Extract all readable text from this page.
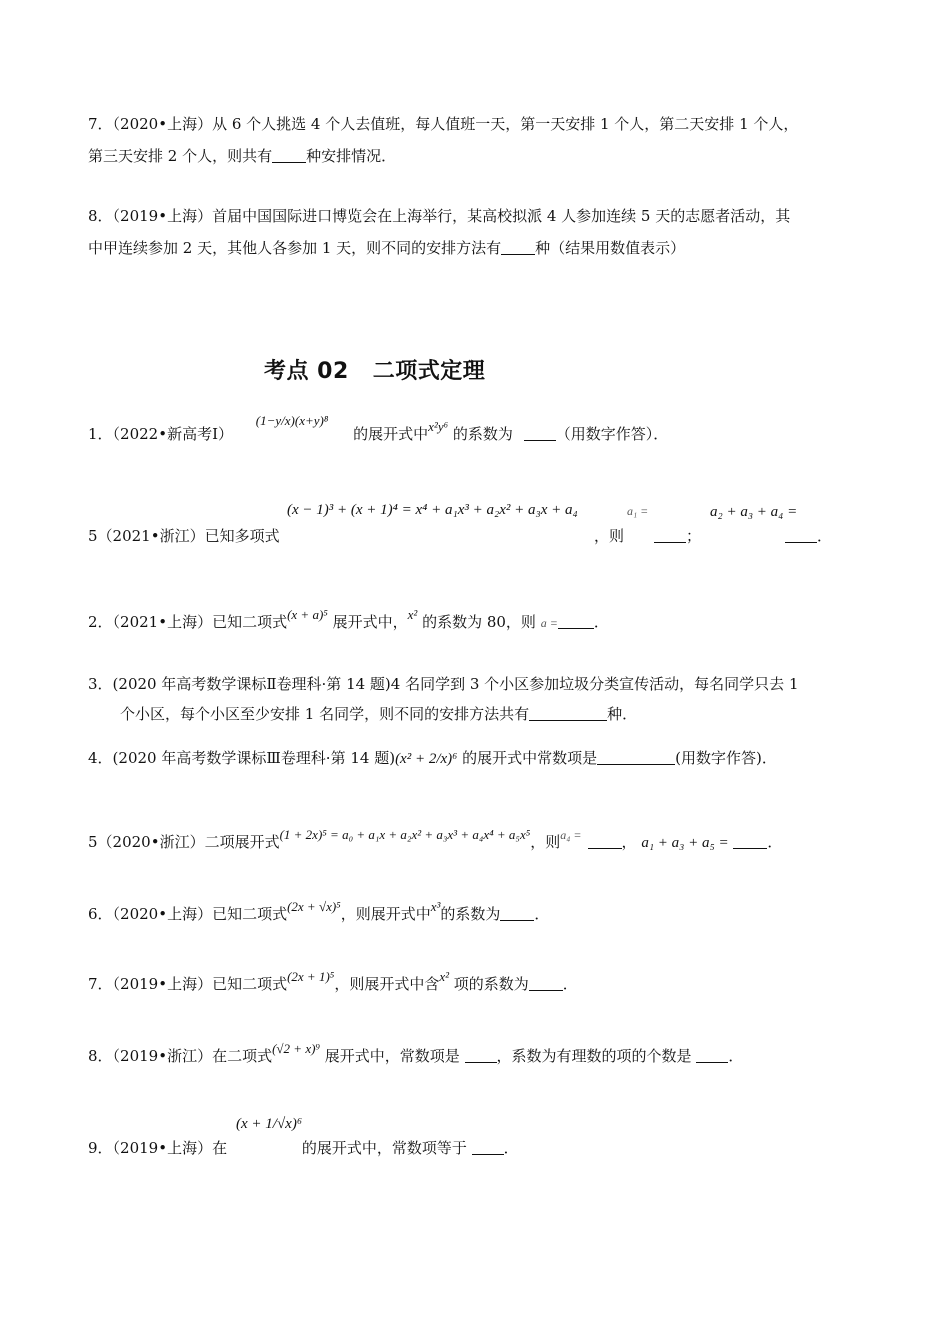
7．（2020•上海）从 6 个人挑选 4 个人去值班，每人值班一天，第一天安排 1 个人，第二天安排 1 个人，
第三天安排 2 个人，则共有 种安排情况．
8．（2019•上海）首届中国国际进口博览会在上海举行，某高校拟派 4 人参加连续 5 天的志愿者活动，其
中甲连续参加 2 天，其他人各参加 1 天，则不同的安排方法有 种（结果用数值表示）
考点 02 二项式定理
1．（2022•新高考Ⅰ） (1−y/x)(x+y)⁸ 的展开式中x²y⁶ 的系数为	（用数字作答）．
(x − 1)³ + (x + 1)⁴ = x⁴ + a₁x³ + a₂x² + a₃x + a₄	a₁ =	a₂ + a₃ + a₄ =
5（2021•浙江）已知多项式	，则	；	．
2．（2021•上海）已知二项式(x + a)⁵ 展开式中，x² 的系数为 80，则 a = ．
3．(2020 年高考数学课标Ⅱ卷理科·第 14 题)4 名同学到 3 个小区参加垃圾分类宣传活动，每名同学只去 1
个小区，每个小区至少安排 1 名同学，则不同的安排方法共有	种．
4．(2020 年高考数学课标Ⅲ卷理科·第 14 题)(x² + 2/x)⁶ 的展开式中常数项是	(用数字作答)．
5（2020•浙江）二项展开式(1 + 2x)⁵ = a₀ + a₁x + a₂x² + a₃x³ + a₄x⁴ + a₅x⁵，则$^{a_4 =}$	， a₁ + a₃ + a₅ =	．
6．（2020•上海）已知二项式(2x + √x)⁵，则展开式中x³的系数为 ．
7．（2019•上海）已知二项式(2x + 1)⁵，则展开式中含x² 项的系数为 ．
8．（2019•浙江）在二项式(√2 + x)⁹ 展开式中，常数项是 ，系数为有理数的项的个数是 ．
(x + 1/√x)⁶
9．（2019•上海）在	的展开式中，常数项等于 ．
